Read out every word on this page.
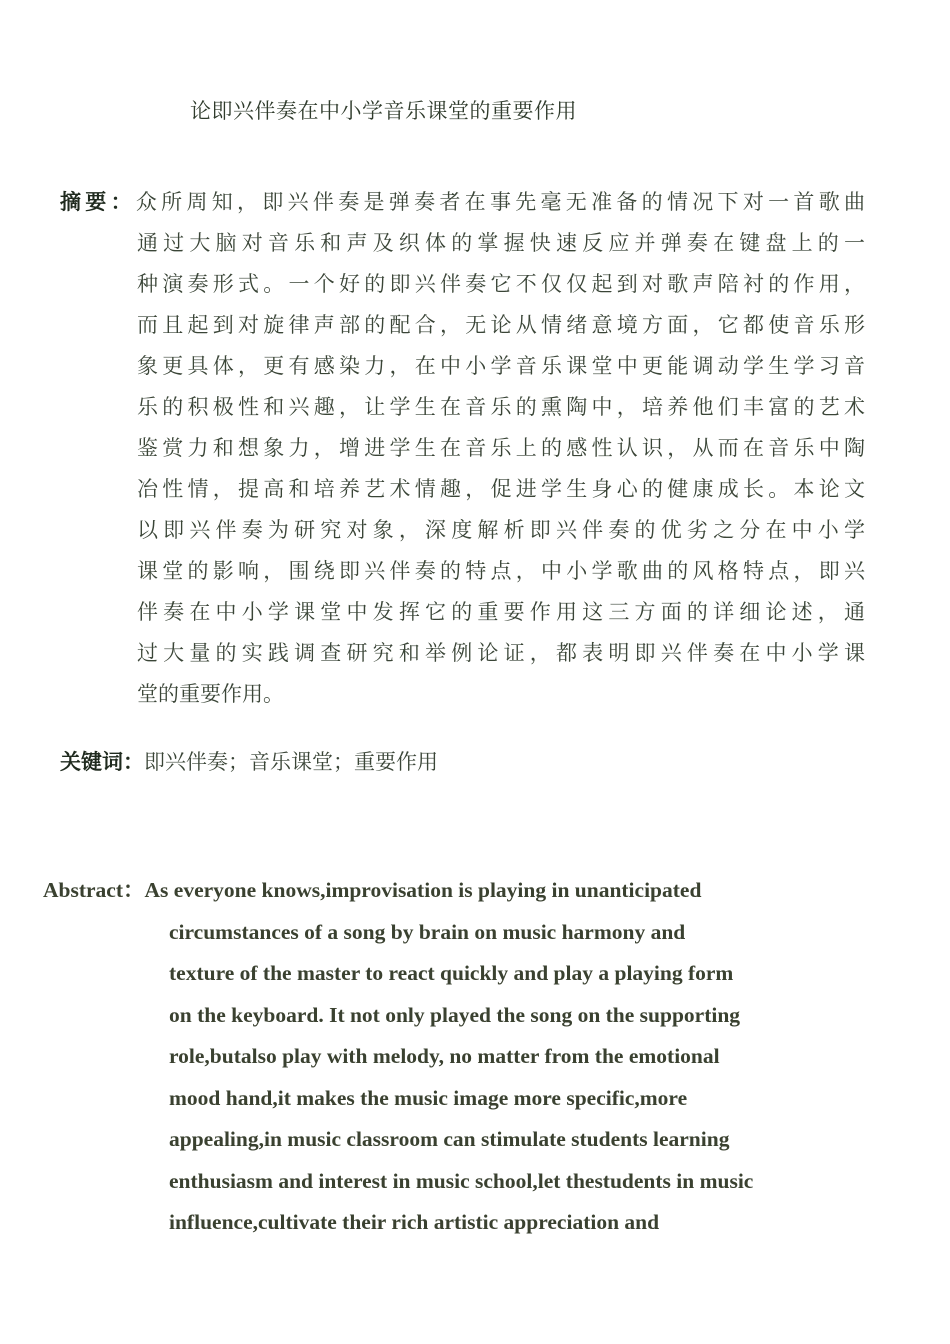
论即兴伴奏在中小学音乐课堂的重要作用
摘要：众所周知，即兴伴奏是弹奏者在事先毫无准备的情况下对一首歌曲
通过大脑对音乐和声及织体的掌握快速反应并弹奏在键盘上的一
种演奏形式。一个好的即兴伴奏它不仅仅起到对歌声陪衬的作用，
而且起到对旋律声部的配合，无论从情绪意境方面，它都使音乐形
象更具体，更有感染力，在中小学音乐课堂中更能调动学生学习音
乐的积极性和兴趣，让学生在音乐的熏陶中，培养他们丰富的艺术
鉴赏力和想象力，增进学生在音乐上的感性认识，从而在音乐中陶
冶性情，提高和培养艺术情趣，促进学生身心的健康成长。本论文
以即兴伴奏为研究对象，深度解析即兴伴奏的优劣之分在中小学
课堂的影响，围绕即兴伴奏的特点，中小学歌曲的风格特点，即兴
伴奏在中小学课堂中发挥它的重要作用这三方面的详细论述，通
过大量的实践调查研究和举例论证，都表明即兴伴奏在中小学课
堂的重要作用。
关键词：即兴伴奏；音乐课堂；重要作用
Abstract：As everyone knows,improvisation is playing in unanticipated
circumstances of a song by brain on music harmony and
texture of the master to react quickly and play a playing form
on the keyboard. It not only played the song on the supporting
role,butalso play with melody, no matter from the emotional
mood hand,it makes the music image more specific,more
appealing,in music classroom can stimulate students learning
enthusiasm and interest in music school,let thestudents in music
influence,cultivate their rich artistic appreciation and
